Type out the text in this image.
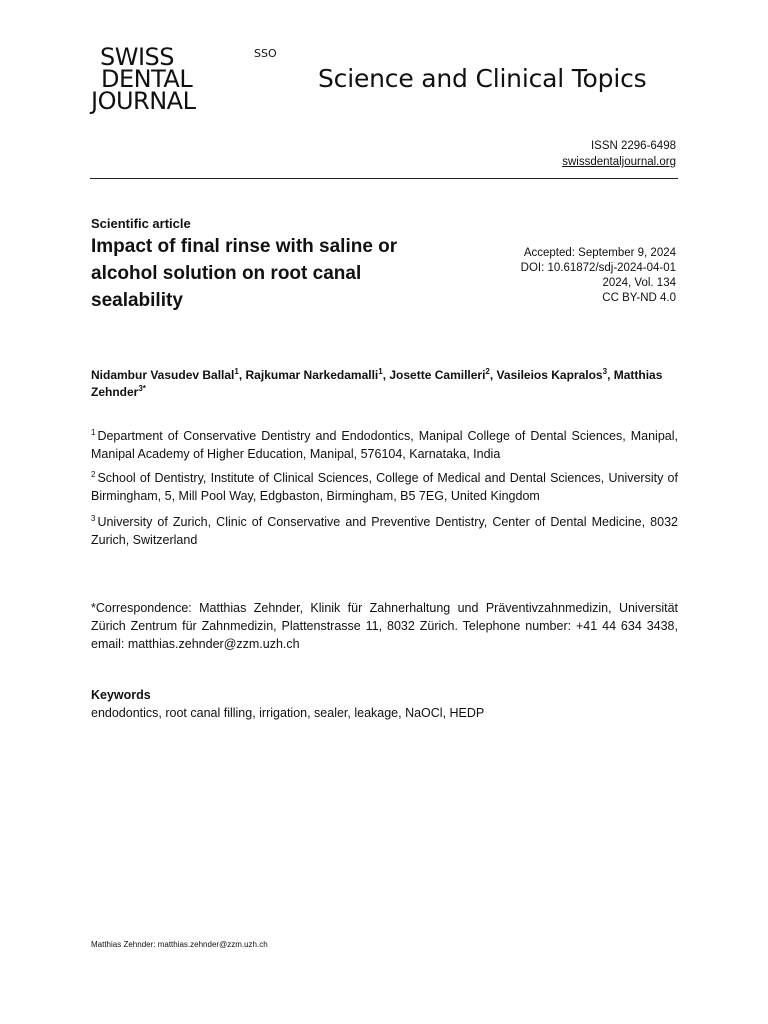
SWISS
DENTAL
JOURNAL
SSO
Science and Clinical Topics
ISSN 2296-6498
swissdentaljournal.org
Scientific article
Impact of final rinse with saline or alcohol solution on root canal sealability
Accepted: September 9, 2024
DOI: 10.61872/sdj-2024-04-01
2024, Vol. 134
CC BY-ND 4.0
Nidambur Vasudev Ballal$^1$, Rajkumar Narkedamalli$^1$, Josette Camilleri$^2$, Vasileios Kapralos$^3$, Matthias Zehnder$^{3*}$
$^1$ Department of Conservative Dentistry and Endodontics, Manipal College of Dental Sciences, Manipal, Manipal Academy of Higher Education, Manipal, 576104, Karnataka, India
$^2$ School of Dentistry, Institute of Clinical Sciences, College of Medical and Dental Sciences, University of Birmingham, 5, Mill Pool Way, Edgbaston, Birmingham, B5 7EG, United Kingdom
$^3$ University of Zurich, Clinic of Conservative and Preventive Dentistry, Center of Dental Medicine, 8032 Zurich, Switzerland
*Correspondence: Matthias Zehnder, Klinik für Zahnerhaltung und Präventivzahnmedizin, Universität Zürich Zentrum für Zahnmedizin, Plattenstrasse 11, 8032 Zürich. Telephone number: +41 44 634 3438, email: matthias.zehnder@zzm.uzh.ch
Keywords
endodontics, root canal filling, irrigation, sealer, leakage, NaOCl, HEDP
Matthias Zehnder: matthias.zehnder@zzm.uzh.ch
